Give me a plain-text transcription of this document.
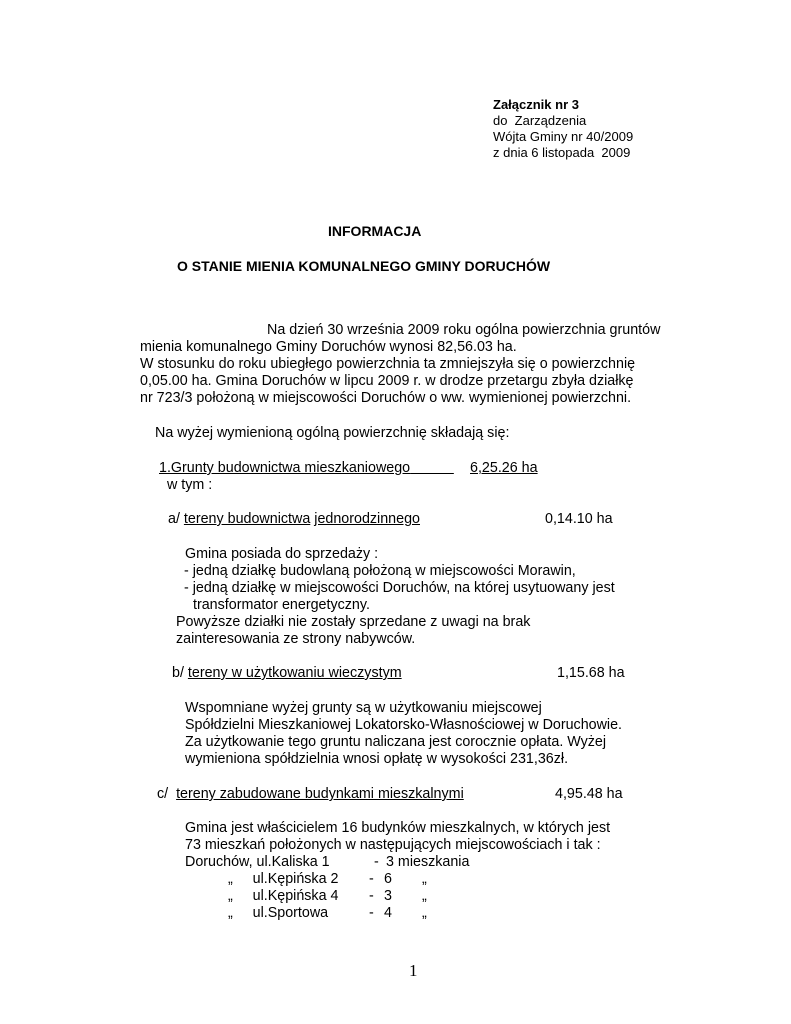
Załącznik nr 3
do  Zarządzenia
Wójta Gminy nr 40/2009
z dnia 6 listopada  2009
INFORMACJA
O STANIE MIENIA KOMUNALNEGO GMINY DORUCHÓW
Na dzień 30 września 2009 roku ogólna powierzchnia gruntów
mienia komunalnego Gminy Doruchów wynosi 82,56.03 ha.
W stosunku do roku ubiegłego powierzchnia ta zmniejszyła się o powierzchnię
0,05.00 ha. Gmina Doruchów w lipcu 2009 r. w drodze przetargu zbyła działkę
nr 723/3 położoną w miejscowości Doruchów o ww. wymienionej powierzchni.
Na wyżej wymienioną ogólną powierzchnię składają się:
1.Grunty budownictwa mieszkaniowego	6,25.26 ha
w tym :
a/ tereny budownictwa jednorodzinnego	0,14.10 ha
Gmina posiada do sprzedaży :
- jedną działkę budowlaną położoną w miejscowości Morawin,
- jedną działkę w miejscowości Doruchów, na której usytuowany jest
transformator energetyczny.
Powyższe działki nie zostały sprzedane z uwagi na brak
zainteresowania ze strony nabywców.
b/ tereny w użytkowaniu wieczystym	1,15.68 ha
Wspomniane wyżej grunty są w użytkowaniu miejscowej
Spółdzielni Mieszkaniowej Lokatorsko-Własnościowej w Doruchowie.
Za użytkowanie tego gruntu naliczana jest corocznie opłata. Wyżej
wymieniona spółdzielnia wnosi opłatę w wysokości 231,36zł.
c/  tereny zabudowane budynkami mieszkalnymi	4,95.48 ha
Gmina jest właścicielem 16 budynków mieszkalnych, w których jest
73 mieszkań położonych w następujących miejscowościach i tak :
Doruchów, ul.Kaliska 1	- 3 mieszkania
„     ul.Kępińska 2 - 6 „
„     ul.Kępińska 4 - 3 „
„     ul.Sportowa	- 4 „
1
